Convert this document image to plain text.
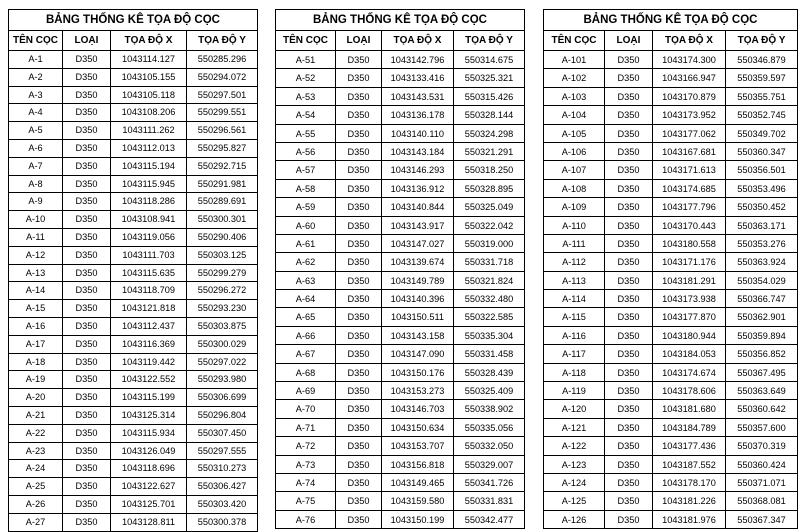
BẢNG THỐNG KÊ TỌA ĐỘ CỌC
TÊN CỌC	LOẠI	TỌA ĐỘ X	TỌA ĐỘ Y
A-1	D350	1043114.127	550285.296
A-2	D350	1043105.155	550294.072
A-3	D350	1043105.118	550297.501
A-4	D350	1043108.206	550299.551
A-5	D350	1043111.262	550296.561
A-6	D350	1043112.013	550295.827
A-7	D350	1043115.194	550292.715
A-8	D350	1043115.945	550291.981
A-9	D350	1043118.286	550289.691
A-10	D350	1043108.941	550300.301
A-11	D350	1043119.056	550290.406
A-12	D350	1043111.703	550303.125
A-13	D350	1043115.635	550299.279
A-14	D350	1043118.709	550296.272
A-15	D350	1043121.818	550293.230
A-16	D350	1043112.437	550303.875
A-17	D350	1043116.369	550300.029
A-18	D350	1043119.442	550297.022
A-19	D350	1043122.552	550293.980
A-20	D350	1043115.199	550306.699
A-21	D350	1043125.314	550296.804
A-22	D350	1043115.934	550307.450
A-23	D350	1043126.049	550297.555
A-24	D350	1043118.696	550310.273
A-25	D350	1043122.627	550306.427
A-26	D350	1043125.701	550303.420
A-27	D350	1043128.811	550300.378
BẢNG THỐNG KÊ TỌA ĐỘ CỌC
TÊN CỌC	LOẠI	TỌA ĐỘ X	TỌA ĐỘ Y
A-51	D350	1043142.796	550314.675
A-52	D350	1043133.416	550325.321
A-53	D350	1043143.531	550315.426
A-54	D350	1043136.178	550328.144
A-55	D350	1043140.110	550324.298
A-56	D350	1043143.184	550321.291
A-57	D350	1043146.293	550318.250
A-58	D350	1043136.912	550328.895
A-59	D350	1043140.844	550325.049
A-60	D350	1043143.917	550322.042
A-61	D350	1043147.027	550319.000
A-62	D350	1043139.674	550331.718
A-63	D350	1043149.789	550321.824
A-64	D350	1043140.396	550332.480
A-65	D350	1043150.511	550322.585
A-66	D350	1043143.158	550335.304
A-67	D350	1043147.090	550331.458
A-68	D350	1043150.176	550328.439
A-69	D350	1043153.273	550325.409
A-70	D350	1043146.703	550338.902
A-71	D350	1043150.634	550335.056
A-72	D350	1043153.707	550332.050
A-73	D350	1043156.818	550329.007
A-74	D350	1043149.465	550341.726
A-75	D350	1043159.580	550331.831
A-76	D350	1043150.199	550342.477
BẢNG THỐNG KÊ TỌA ĐỘ CỌC
TÊN CỌC	LOẠI	TỌA ĐỘ X	TỌA ĐỘ Y
A-101	D350	1043174.300	550346.879
A-102	D350	1043166.947	550359.597
A-103	D350	1043170.879	550355.751
A-104	D350	1043173.952	550352.745
A-105	D350	1043177.062	550349.702
A-106	D350	1043167.681	550360.347
A-107	D350	1043171.613	550356.501
A-108	D350	1043174.685	550353.496
A-109	D350	1043177.796	550350.452
A-110	D350	1043170.443	550363.171
A-111	D350	1043180.558	550353.276
A-112	D350	1043171.176	550363.924
A-113	D350	1043181.291	550354.029
A-114	D350	1043173.938	550366.747
A-115	D350	1043177.870	550362.901
A-116	D350	1043180.944	550359.894
A-117	D350	1043184.053	550356.852
A-118	D350	1043174.674	550367.495
A-119	D350	1043178.606	550363.649
A-120	D350	1043181.680	550360.642
A-121	D350	1043184.789	550357.600
A-122	D350	1043177.436	550370.319
A-123	D350	1043187.552	550360.424
A-124	D350	1043178.170	550371.071
A-125	D350	1043181.226	550368.081
A-126	D350	1043181.976	550367.347
